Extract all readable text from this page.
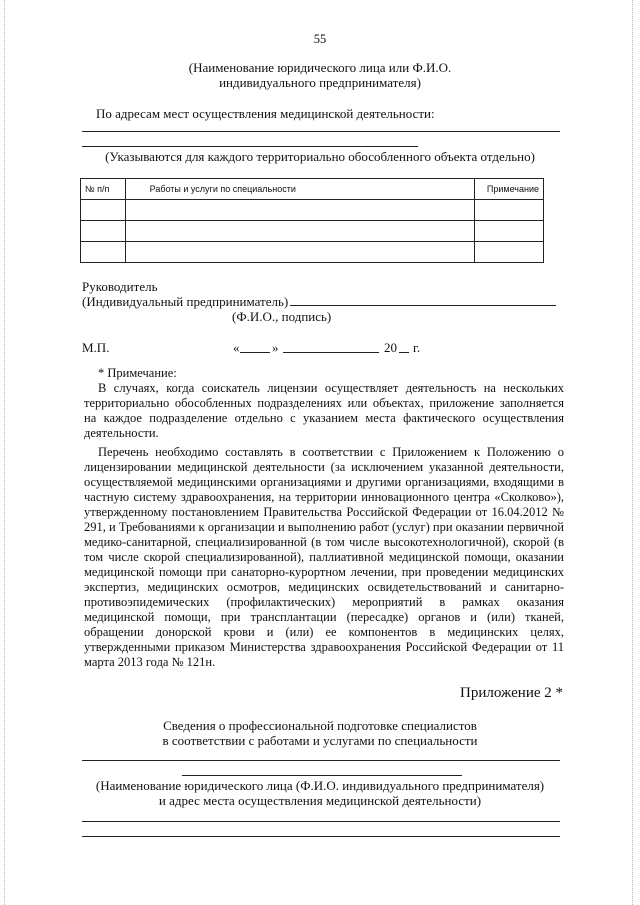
55
(Наименование юридического лица или Ф.И.О.
индивидуального предпринимателя)
По адресам мест осуществления медицинской деятельности:
(Указываются для каждого территориально обособленного объекта отдельно)
№ п/п	Работы и услуги по специальности	Примечание

Руководитель
(Индивидуальный предприниматель)
(Ф.И.О., подпись)
М.П.	«	»	20 г.
* Примечание:
В случаях, когда соискатель лицензии осуществляет деятельность на нескольких территориально обособленных подразделениях или объектах, приложение заполняется на каждое подразделение отдельно с указанием места фактического осуществления деятельности.
Перечень необходимо составлять в соответствии с Приложением к Положению о лицензировании медицинской деятельности (за исключением указанной деятельности, осуществляемой медицинскими организациями и другими организациями, входящими в частную систему здравоохранения, на территории инновационного центра «Сколково»), утвержденному постановлением Правительства Российской Федерации от 16.04.2012 № 291, и Требованиями к организации и выполнению работ (услуг) при оказании первичной медико-санитарной, специализированной (в том числе высокотехнологичной), скорой (в том числе скорой специализированной), паллиативной медицинской помощи, оказании медицинской помощи при санаторно-курортном лечении, при проведении медицинских экспертиз, медицинских осмотров, медицинских освидетельствований и санитарно-противоэпидемических (профилактических) мероприятий в рамках оказания медицинской помощи, при трансплантации (пересадке) органов и (или) тканей, обращении донорской крови и (или) ее компонентов в медицинских целях, утвержденными приказом Министерства здравоохранения Российской Федерации от 11 марта 2013 года № 121н.
Приложение 2 *
Сведения о профессиональной подготовке специалистов
в соответствии с работами и услугами по специальности
(Наименование юридического лица (Ф.И.О. индивидуального предпринимателя)
и адрес места осуществления медицинской деятельности)
